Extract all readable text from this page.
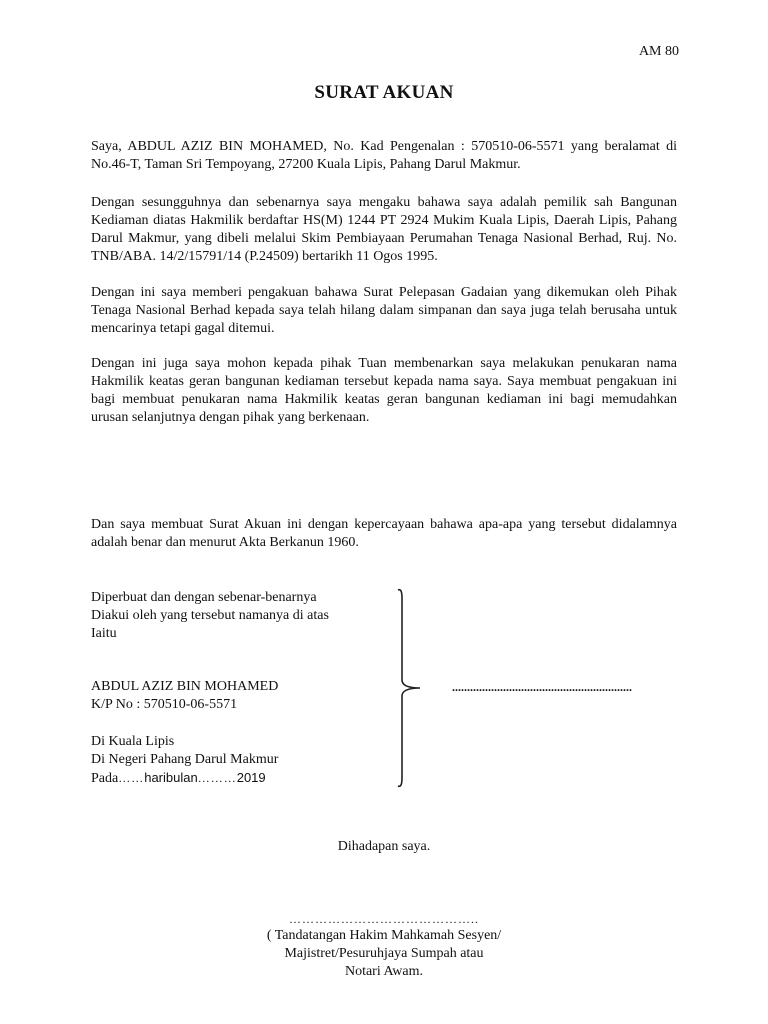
AM 80
SURAT AKUAN
Saya, ABDUL AZIZ BIN MOHAMED, No. Kad Pengenalan : 570510-06-5571 yang beralamat di No.46-T, Taman Sri Tempoyang, 27200 Kuala Lipis, Pahang Darul Makmur.
Dengan sesungguhnya dan sebenarnya saya mengaku bahawa saya adalah pemilik sah Bangunan Kediaman diatas Hakmilik berdaftar HS(M) 1244 PT 2924 Mukim Kuala Lipis, Daerah Lipis, Pahang Darul Makmur, yang dibeli melalui Skim Pembiayaan Perumahan Tenaga Nasional Berhad, Ruj. No. TNB/ABA. 14/2/15791/14 (P.24509) bertarikh 11 Ogos 1995.
Dengan ini saya memberi pengakuan bahawa Surat Pelepasan Gadaian yang dikemukan oleh Pihak Tenaga Nasional Berhad kepada saya telah hilang dalam simpanan dan saya juga telah berusaha untuk mencarinya tetapi gagal ditemui.
Dengan ini juga saya mohon kepada pihak Tuan membenarkan saya melakukan penukaran nama Hakmilik keatas geran bangunan kediaman tersebut kepada nama saya. Saya membuat pengakuan ini bagi membuat penukaran nama Hakmilik keatas geran bangunan kediaman ini bagi memudahkan urusan selanjutnya dengan pihak yang berkenaan.
Dan saya membuat Surat Akuan ini dengan kepercayaan bahawa apa-apa yang tersebut didalamnya adalah benar dan menurut Akta Berkanun 1960.
Diperbuat dan dengan sebenar-benarnya
Diakui oleh yang tersebut namanya di atas
Iaitu
ABDUL AZIZ BIN MOHAMED
K/P No : 570510-06-5571
Di Kuala Lipis
Di Negeri Pahang Darul Makmur
Pada……haribulan………2019
............................................................
Dihadapan saya.
……………………………………..
( Tandatangan Hakim Mahkamah Sesyen/
Majistret/Pesuruhjaya Sumpah atau
Notari Awam.
